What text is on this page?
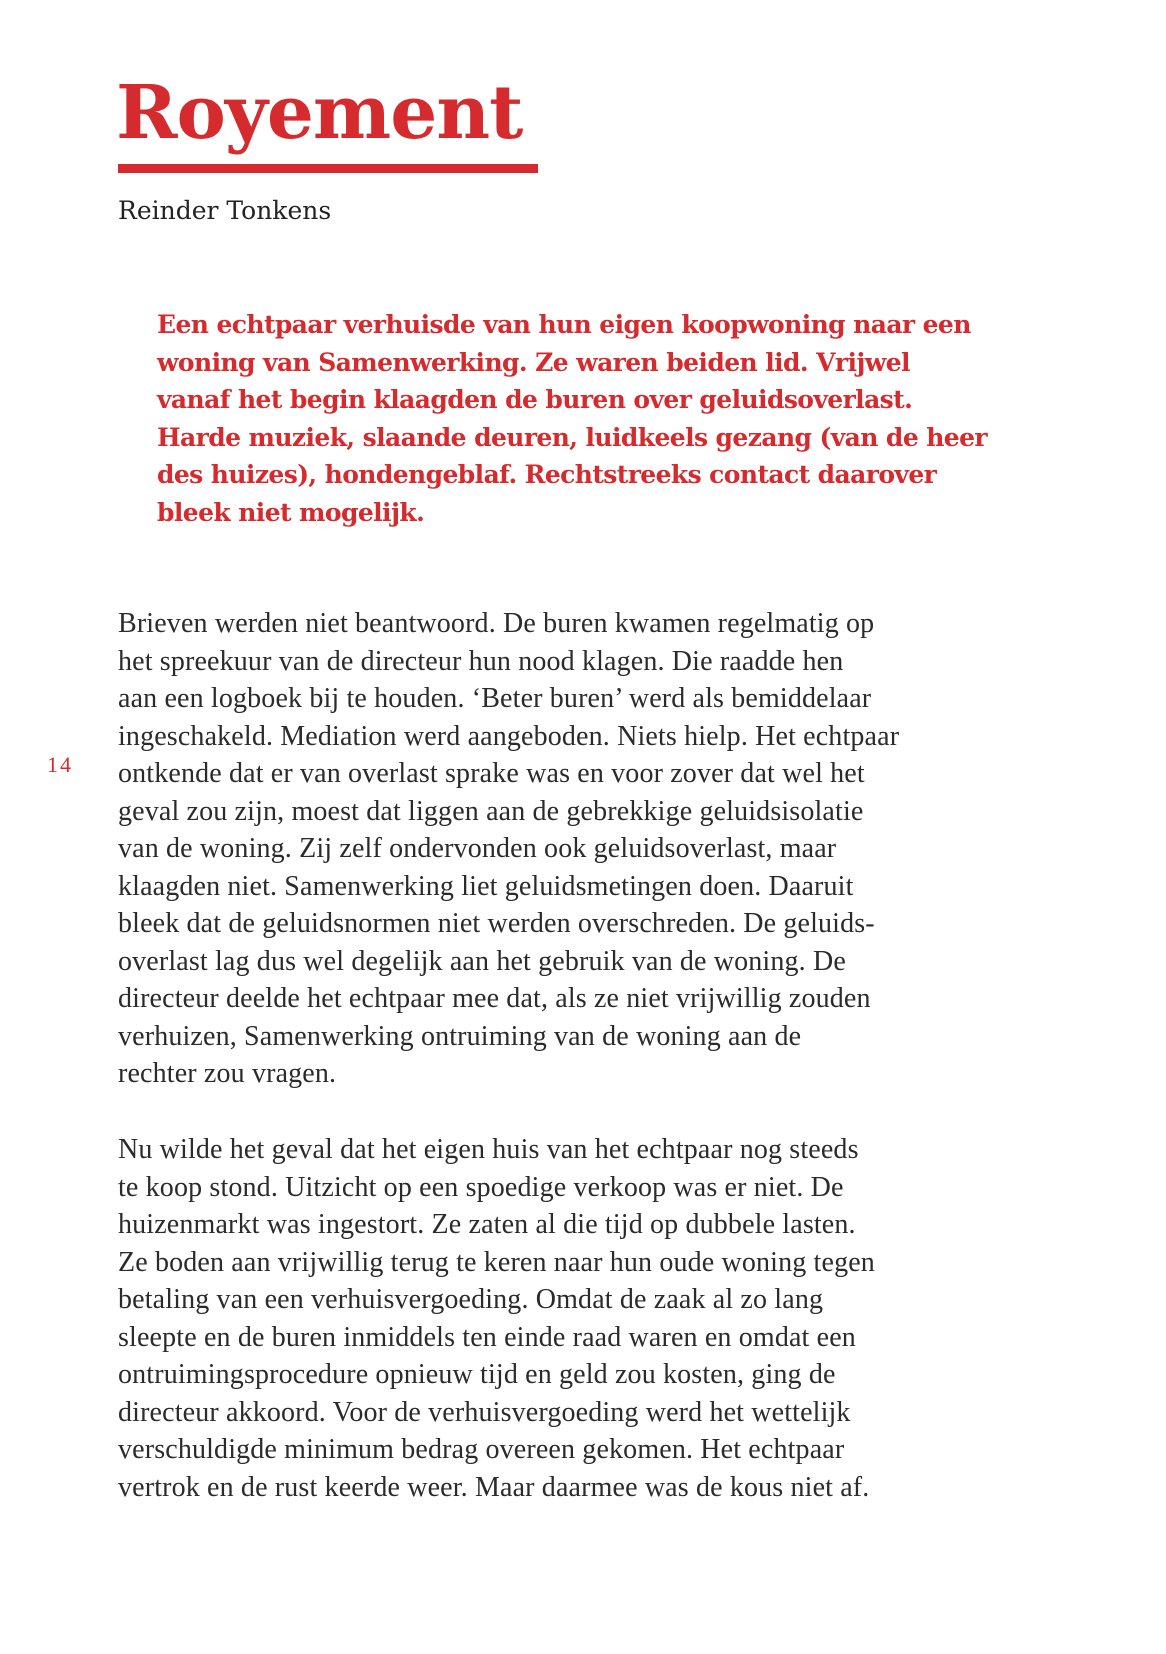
Royement

Reinder Tonkens

Een echtpaar verhuisde van hun eigen koopwoning naar een
woning van Samenwerking. Ze waren beiden lid. Vrijwel
vanaf het begin klaagden de buren over geluidsoverlast.
Harde muziek, slaande deuren, luidkeels gezang (van de heer
des huizes), hondengeblaf. Rechtstreeks contact daarover
bleek niet mogelijk.

14

Brieven werden niet beantwoord. De buren kwamen regelmatig op
het spreekuur van de directeur hun nood klagen. Die raadde hen
aan een logboek bij te houden. ‘Beter buren’ werd als bemiddelaar
ingeschakeld. Mediation werd aangeboden. Niets hielp. Het echtpaar
ontkende dat er van overlast sprake was en voor zover dat wel het
geval zou zijn, moest dat liggen aan de gebrekkige geluidsisolatie
van de woning. Zij zelf ondervonden ook geluidsoverlast, maar
klaagden niet. Samenwerking liet geluidsmetingen doen. Daaruit
bleek dat de geluidsnormen niet werden overschreden. De geluids-
overlast lag dus wel degelijk aan het gebruik van de woning. De
directeur deelde het echtpaar mee dat, als ze niet vrijwillig zouden
verhuizen, Samenwerking ontruiming van de woning aan de
rechter zou vragen.

Nu wilde het geval dat het eigen huis van het echtpaar nog steeds
te koop stond. Uitzicht op een spoedige verkoop was er niet. De
huizenmarkt was ingestort. Ze zaten al die tijd op dubbele lasten.
Ze boden aan vrijwillig terug te keren naar hun oude woning tegen
betaling van een verhuisvergoeding. Omdat de zaak al zo lang
sleepte en de buren inmiddels ten einde raad waren en omdat een
ontruimingsprocedure opnieuw tijd en geld zou kosten, ging de
directeur akkoord. Voor de verhuisvergoeding werd het wettelijk
verschuldigde minimum bedrag overeen gekomen. Het echtpaar
vertrok en de rust keerde weer. Maar daarmee was de kous niet af.
